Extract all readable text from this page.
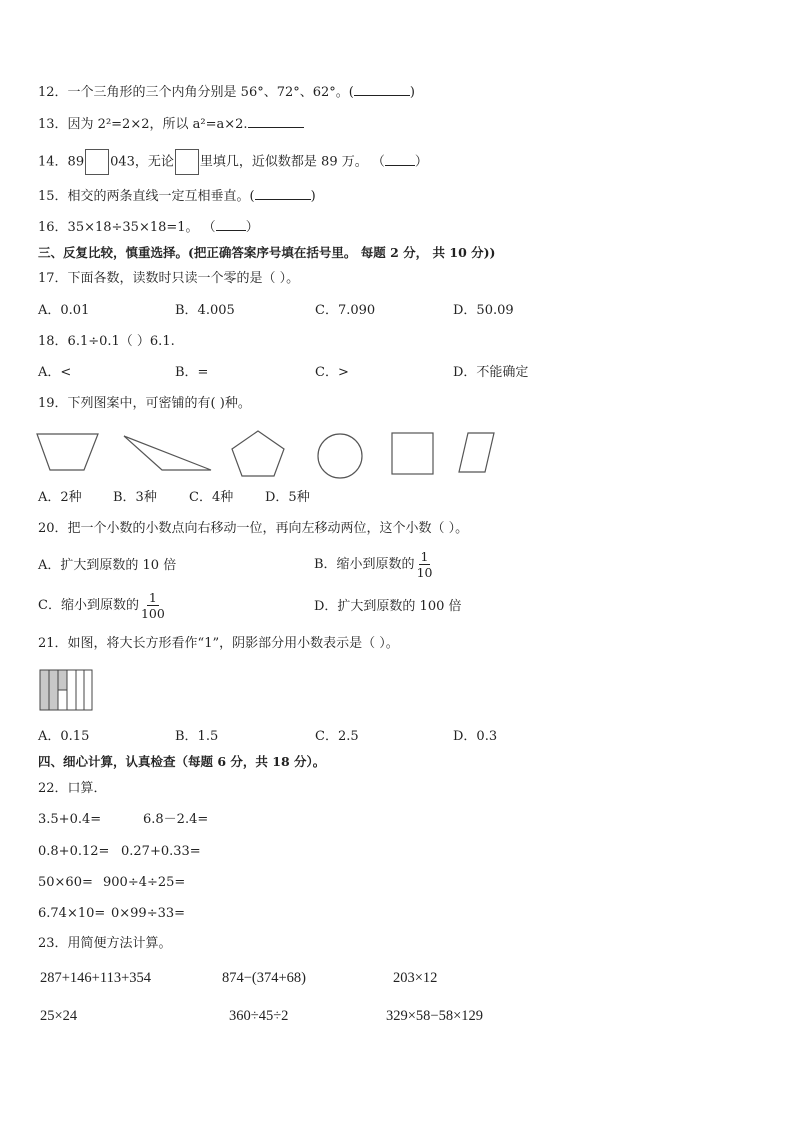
12．一个三角形的三个内角分别是 56°、72°、62°。(	)
13．因为 2²=2×2，所以 a²=a×2.
14．89 043，无论 里填几，近似数都是 89 万。 （ ）
15．相交的两条直线一定互相垂直。(	)
16．35×18÷35×18=1。 （ ）
三、反复比较，慎重选择。(把正确答案序号填在括号里。 每题 2 分， 共 10 分))
17．下面各数，读数时只读一个零的是（ ）。
A．0.01	B．4.005	C．7.090	D．50.09
18．6.1÷0.1（ ）6.1.
A．<	B．=	C．>	D．不能确定
19．下列图案中，可密铺的有( )种。
A．2种 B．3种 C．4种 D．5种
20．把一个小数的小数点向右移动一位，再向左移动两位，这个小数（ ）。
A．扩大到原数的 10 倍	B．缩小到原数的 $\frac{1}{10}$
C．缩小到原数的 $\frac{1}{100}$	D．扩大到原数的 100 倍
21．如图，将大长方形看作“1”，阴影部分用小数表示是（ ）。
A．0.15	B．1.5	C．2.5	D．0.3
四、细心计算，认真检查（每题 6 分，共 18 分）。
22．口算．
3.5+0.4=	6.8－2.4=
0.8+0.12= 0.27+0.33=
50×60= 900÷4÷25=
6.74×10= 0×99÷33=
23．用简便方法计算。
287+146+113+354	874−(374+68)	203×12
25×24	360÷45÷2	329×58−58×129
